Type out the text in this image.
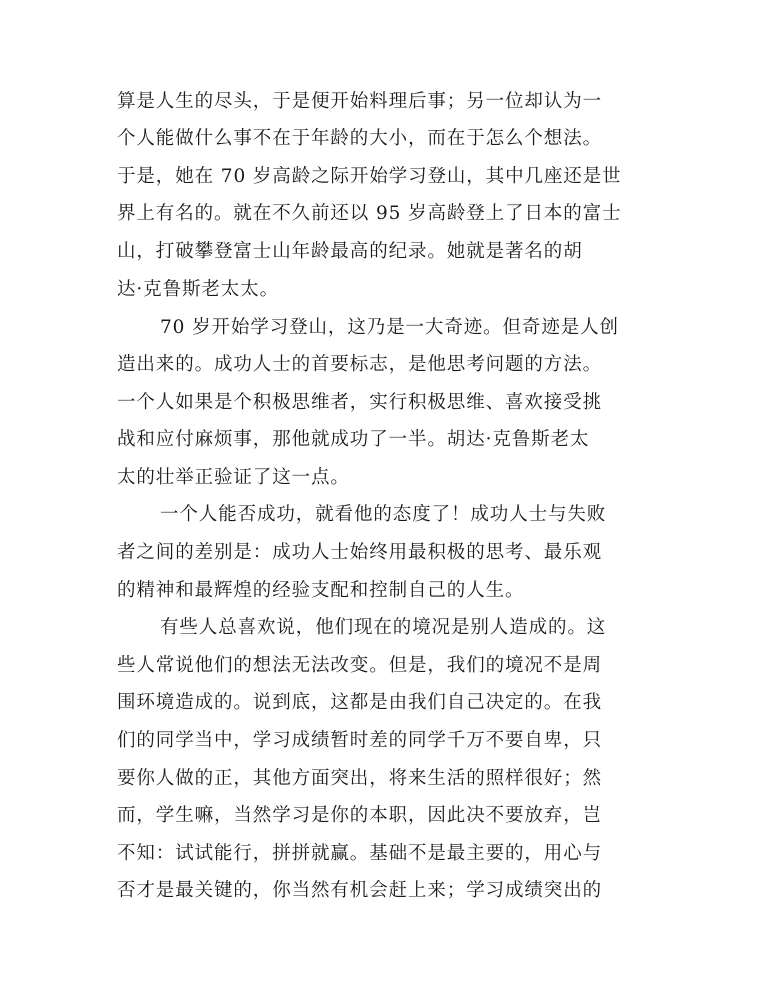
算是人生的尽头，于是便开始料理后事；另一位却认为一
个人能做什么事不在于年龄的大小，而在于怎么个想法。
于是，她在 70 岁高龄之际开始学习登山，其中几座还是世
界上有名的。就在不久前还以 95 岁高龄登上了日本的富士
山，打破攀登富士山年龄最高的纪录。她就是著名的胡
达·克鲁斯老太太。
70 岁开始学习登山，这乃是一大奇迹。但奇迹是人创
造出来的。成功人士的首要标志，是他思考问题的方法。
一个人如果是个积极思维者，实行积极思维、喜欢接受挑
战和应付麻烦事，那他就成功了一半。胡达·克鲁斯老太
太的壮举正验证了这一点。
一个人能否成功，就看他的态度了！成功人士与失败
者之间的差别是：成功人士始终用最积极的思考、最乐观
的精神和最辉煌的经验支配和控制自己的人生。
有些人总喜欢说，他们现在的境况是别人造成的。这
些人常说他们的想法无法改变。但是，我们的境况不是周
围环境造成的。说到底，这都是由我们自己决定的。在我
们的同学当中，学习成绩暂时差的同学千万不要自卑，只
要你人做的正，其他方面突出，将来生活的照样很好；然
而，学生嘛，当然学习是你的本职，因此决不要放弃，岂
不知：试试能行，拼拼就赢。基础不是最主要的，用心与
否才是最关键的，你当然有机会赶上来；学习成绩突出的
